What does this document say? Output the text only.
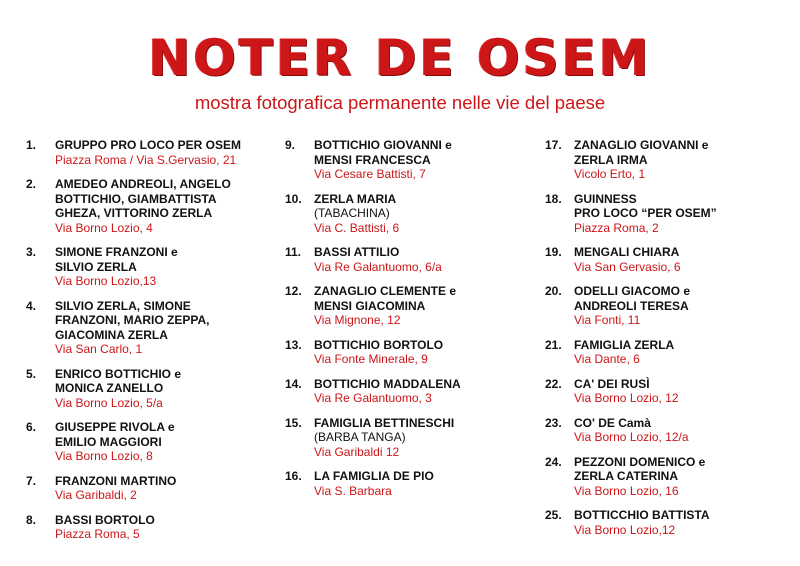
NOTER DE OSEM
mostra fotografica permanente nelle vie del paese
1.	GRUPPO PRO LOCO PER OSEM
Piazza Roma / Via S.Gervasio, 21
2.	AMEDEO ANDREOLI, ANGELO
BOTTICHIO, GIAMBATTISTA
GHEZA, VITTORINO ZERLA
Via Borno Lozio, 4
3.	SIMONE FRANZONI e
SILVIO ZERLA
Via Borno Lozio,13
4.	SILVIO ZERLA, SIMONE
FRANZONI, MARIO ZEPPA,
GIACOMINA ZERLA
Via San Carlo, 1
5.	ENRICO BOTTICHIO e
MONICA ZANELLO
Via Borno Lozio, 5/a
6.	GIUSEPPE RIVOLA e
EMILIO MAGGIORI
Via Borno Lozio, 8
7.	FRANZONI MARTINO
Via Garibaldi, 2
8.	BASSI BORTOLO
Piazza Roma, 5
9.	BOTTICHIO GIOVANNI e
MENSI FRANCESCA
Via Cesare Battisti, 7
10.	ZERLA MARIA
(TABACHINA)
Via C. Battisti, 6
11.	BASSI ATTILIO
Via Re Galantuomo, 6/a
12.	ZANAGLIO CLEMENTE e
MENSI GIACOMINA
Via Mignone, 12
13.	BOTTICHIO BORTOLO
Via Fonte Minerale, 9
14.	BOTTICHIO MADDALENA
Via Re Galantuomo, 3
15.	FAMIGLIA BETTINESCHI
(BARBA TANGA)
Via Garibaldi 12
16.	LA FAMIGLIA DE PIO
Via S. Barbara
17.	ZANAGLIO GIOVANNI e
ZERLA IRMA
Vicolo Erto, 1
18.	GUINNESS
PRO LOCO “PER OSEM”
Piazza Roma, 2
19.	MENGALI CHIARA
Via San Gervasio, 6
20.	ODELLI GIACOMO e
ANDREOLI TERESA
Via Fonti, 11
21.	FAMIGLIA ZERLA
Via Dante, 6
22.	CA' DEI RUSÌ
Via Borno Lozio, 12
23.	CO' DE Camà
Via Borno Lozio, 12/a
24.	PEZZONI DOMENICO e
ZERLA CATERINA
Via Borno Lozio, 16
25.	BOTTICCHIO BATTISTA
Via Borno Lozio,12
